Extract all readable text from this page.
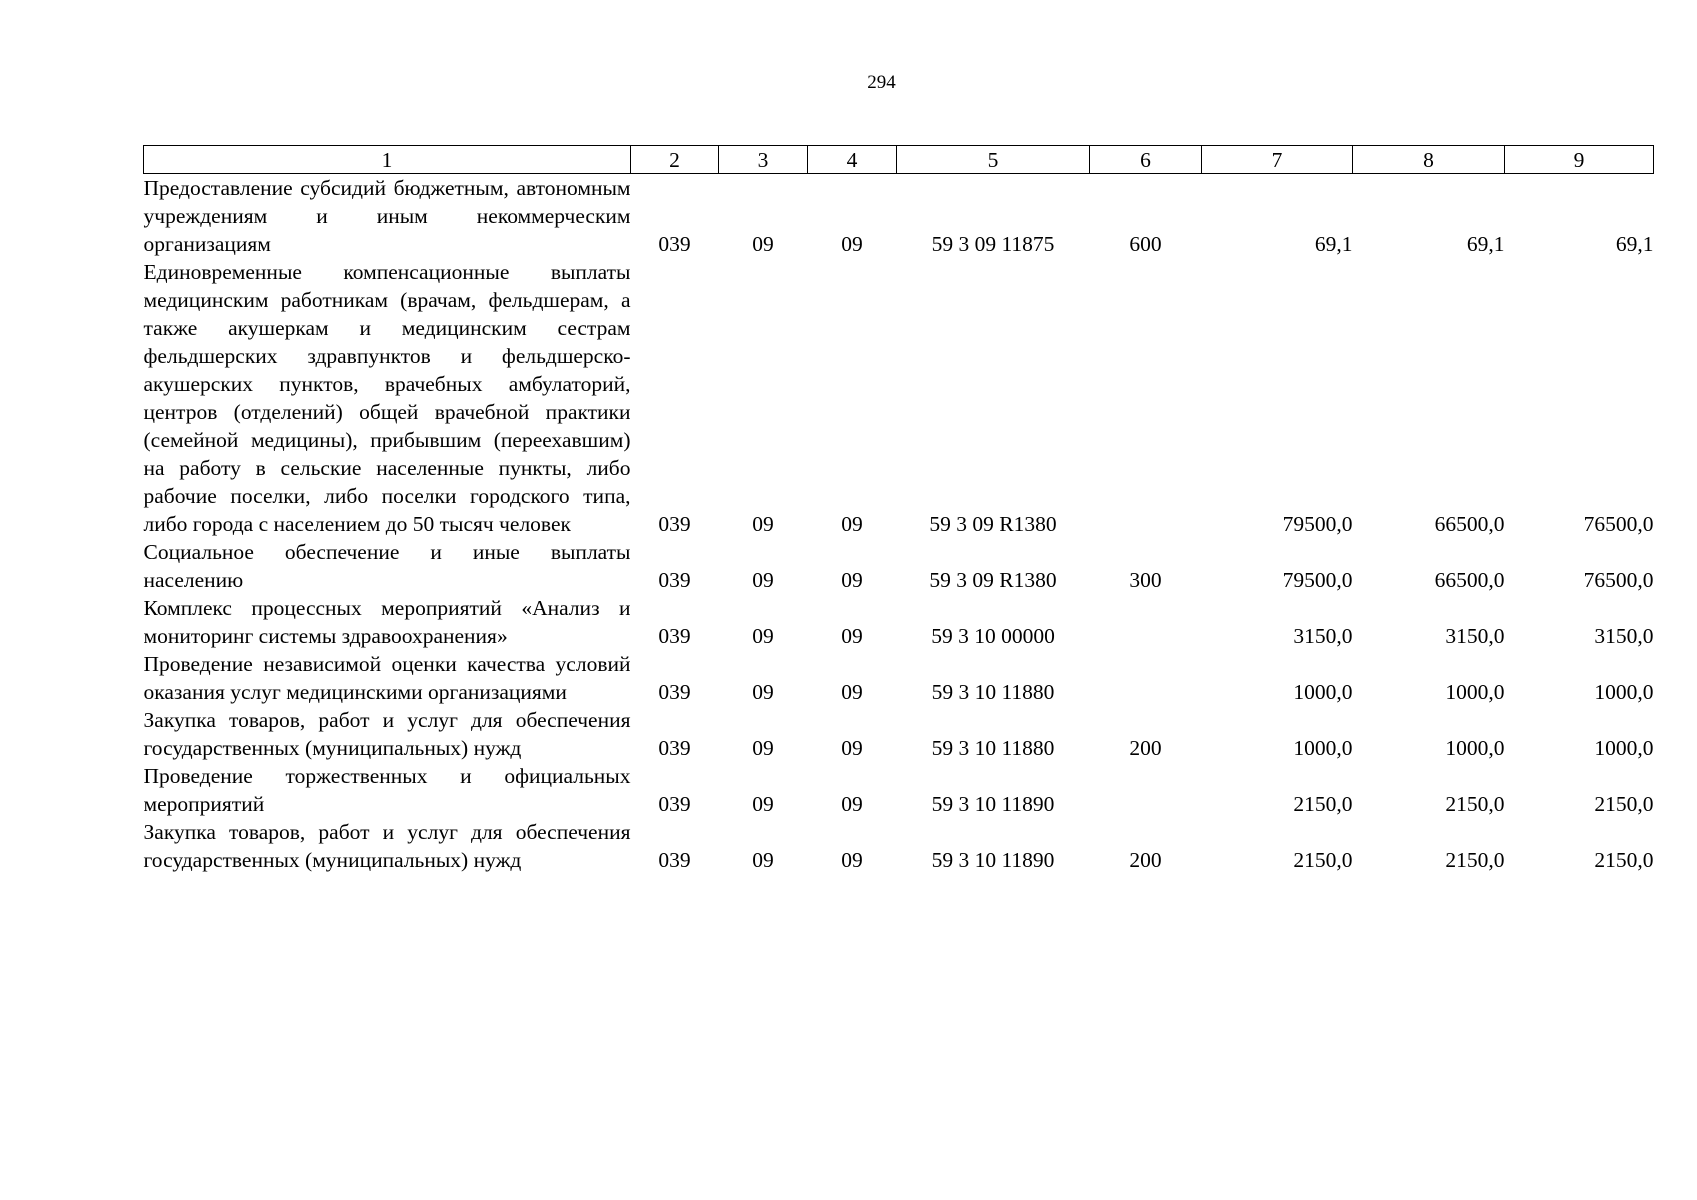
294
1	2	3	4	5	6	7	8	9
Предоставление субсидий бюджетным, автономным учреждениям и иным некоммерческим организациям	039	09	09	59 3 09 11875	600	69,1	69,1	69,1
Единовременные компенсационные выплаты медицинским работникам (врачам, фельдшерам, а также акушеркам и медицинским сестрам фельдшерских здравпунктов и фельдшерско-акушерских пунктов, врачебных амбулаторий, центров (отделений) общей врачебной практики (семейной медицины), прибывшим (переехавшим) на работу в сельские населенные пункты, либо рабочие поселки, либо поселки городского типа, либо города с населением до 50 тысяч человек	039	09	09	59 3 09 R1380		79500,0	66500,0	76500,0
Социальное обеспечение и иные выплаты населению	039	09	09	59 3 09 R1380	300	79500,0	66500,0	76500,0
Комплекс процессных мероприятий «Анализ и мониторинг системы здравоохранения»	039	09	09	59 3 10 00000		3150,0	3150,0	3150,0
Проведение независимой оценки качества условий оказания услуг медицинскими организациями	039	09	09	59 3 10 11880		1000,0	1000,0	1000,0
Закупка товаров, работ и услуг для обеспечения государственных (муниципальных) нужд	039	09	09	59 3 10 11880	200	1000,0	1000,0	1000,0
Проведение торжественных и официальных мероприятий	039	09	09	59 3 10 11890		2150,0	2150,0	2150,0
Закупка товаров, работ и услуг для обеспечения государственных (муниципальных) нужд	039	09	09	59 3 10 11890	200	2150,0	2150,0	2150,0
